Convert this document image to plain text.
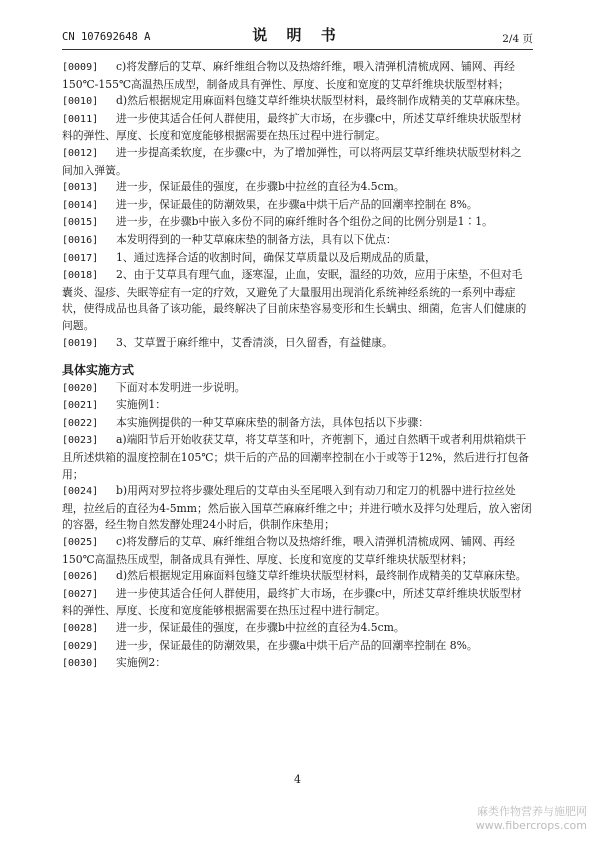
CN 107692648 A	说 明 书	2/4 页

[0009] c)将发酵后的艾草、麻纤维组合物以及热熔纤维，喂入清弹机清梳成网、铺网、再经150℃-155℃高温热压成型，制备成具有弹性、厚度、长度和宽度的艾草纤维块状版型材料；

[0010] d)然后根据规定用麻面料包缝艾草纤维块状版型材料，最终制作成精美的艾草麻床垫。

[0011] 进一步使其适合任何人群使用，最终扩大市场，在步骤c中，所述艾草纤维块状版型材料的弹性、厚度、长度和宽度能够根据需要在热压过程中进行制定。

[0012] 进一步提高柔软度，在步骤c中，为了增加弹性，可以将两层艾草纤维块状版型材料之间加入弹簧。

[0013] 进一步，保证最佳的强度，在步骤b中拉丝的直径为4.5cm。

[0014] 进一步，保证最佳的防潮效果，在步骤a中烘干后产品的回潮率控制在 8%。

[0015] 进一步，在步骤b中嵌入多份不同的麻纤维时各个组份之间的比例分别是1∶1。

[0016] 本发明得到的一种艾草麻床垫的制备方法，具有以下优点：

[0017] 1、通过选择合适的收割时间，确保艾草质量以及后期成品的质量，

[0018] 2、由于艾草具有理气血，逐寒湿，止血，安眠，温经的功效，应用于床垫，不但对毛囊炎、湿疹、失眠等症有一定的疗效，又避免了大量服用出现消化系统神经系统的一系列中毒症状，使得成品也具备了该功能，最终解决了目前床垫容易变形和生长螨虫、细菌，危害人们健康的问题。

[0019] 3、艾草置于麻纤维中，艾香清淡，日久留香，有益健康。

具体实施方式

[0020] 下面对本发明进一步说明。

[0021] 实施例1：

[0022] 本实施例提供的一种艾草麻床垫的制备方法，具体包括以下步骤：

[0023] a)端阳节后开始收获艾草，将艾草茎和叶，齐蔸割下，通过自然晒干或者利用烘箱烘干且所述烘箱的温度控制在105℃；烘干后的产品的回潮率控制在小于或等于12%，然后进行打包备用；

[0024] b)用两对罗拉将步骤处理后的艾草由头至尾喂入到有动刀和定刀的机器中进行拉丝处理，拉丝后的直径为4-5mm；然后嵌入国草苎麻麻纤维之中；并进行喷水及拌匀处理后，放入密闭的容器，经生物自然发酵处理24小时后，供制作床垫用；

[0025] c)将发酵后的艾草、麻纤维组合物以及热熔纤维，喂入清弹机清梳成网、铺网、再经150℃高温热压成型，制备成具有弹性、厚度、长度和宽度的艾草纤维块状版型材料；

[0026] d)然后根据规定用麻面料包缝艾草纤维块状版型材料，最终制作成精美的艾草麻床垫。

[0027] 进一步使其适合任何人群使用，最终扩大市场，在步骤c中，所述艾草纤维块状版型材料的弹性、厚度、长度和宽度能够根据需要在热压过程中进行制定。

[0028] 进一步，保证最佳的强度，在步骤b中拉丝的直径为4.5cm。

[0029] 进一步，保证最佳的防潮效果，在步骤a中烘干后产品的回潮率控制在 8%。

[0030] 实施例2：

4
麻类作物营养与施肥网
www.fibercrops.com
